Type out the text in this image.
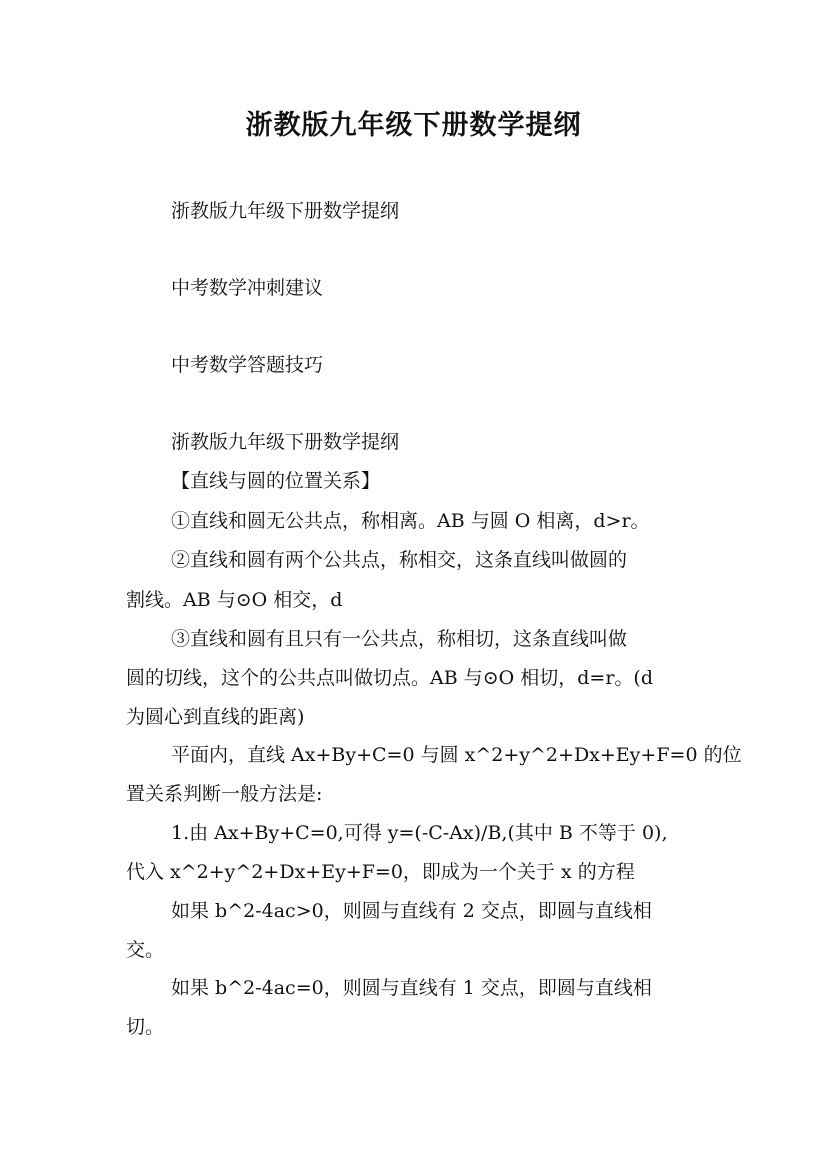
浙教版九年级下册数学提纲
浙教版九年级下册数学提纲
中考数学冲刺建议
中考数学答题技巧
浙教版九年级下册数学提纲
【直线与圆的位置关系】
①直线和圆无公共点，称相离。AB 与圆 O 相离，d>r。
②直线和圆有两个公共点，称相交，这条直线叫做圆的
割线。AB 与⊙O 相交，d
③直线和圆有且只有一公共点，称相切，这条直线叫做
圆的切线，这个的公共点叫做切点。AB 与⊙O 相切，d=r。(d
为圆心到直线的距离)
平面内，直线 Ax+By+C=0 与圆 x^2+y^2+Dx+Ey+F=0 的位
置关系判断一般方法是:
1.由 Ax+By+C=0,可得 y=(-C-Ax)/B,(其中 B 不等于 0),
代入 x^2+y^2+Dx+Ey+F=0，即成为一个关于 x 的方程
如果 b^2-4ac>0，则圆与直线有 2 交点，即圆与直线相
交。
如果 b^2-4ac=0，则圆与直线有 1 交点，即圆与直线相
切。
